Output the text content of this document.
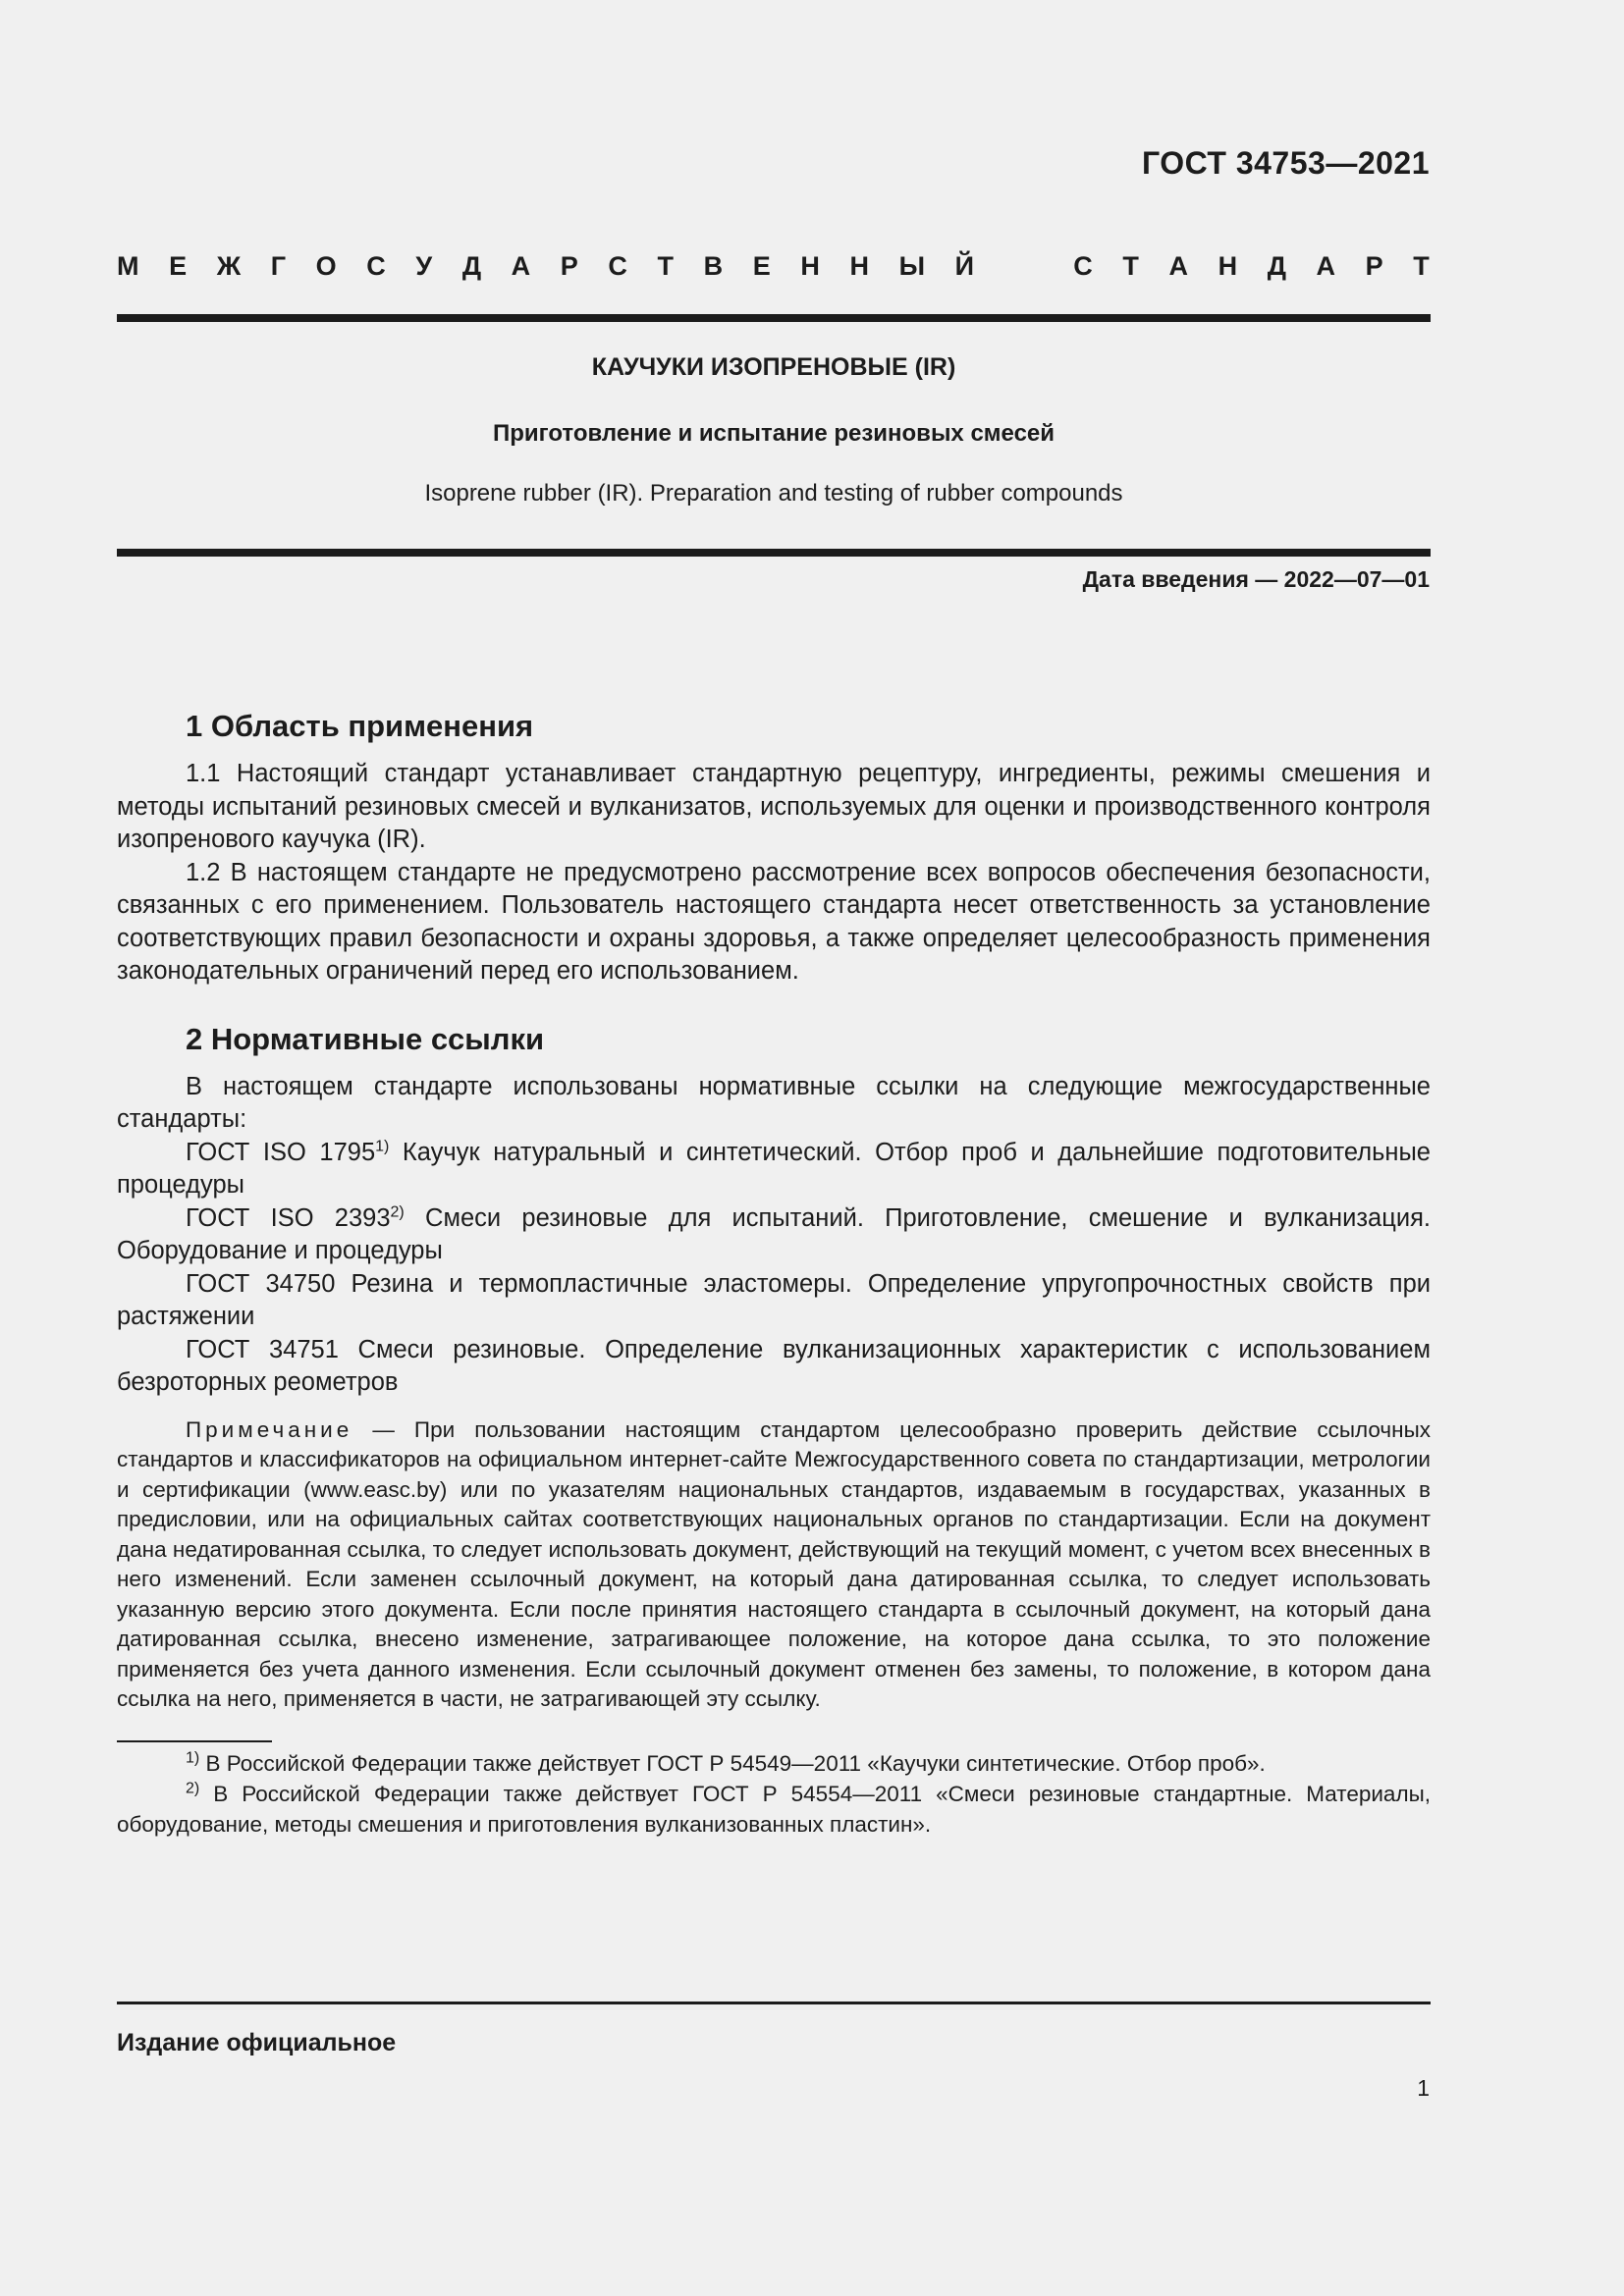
ГОСТ 34753—2021
М Е Ж Г О С У Д А Р С Т В Е Н Н Ы Й	С Т А Н Д А Р Т
КАУЧУКИ ИЗОПРЕНОВЫЕ (IR)
Приготовление и испытание резиновых смесей
Isoprene rubber (IR). Preparation and testing of rubber compounds
Дата введения — 2022—07—01
1 Область применения

1.1 Настоящий стандарт устанавливает стандартную рецептуру, ингредиенты, режимы смешения и методы испытаний резиновых смесей и вулканизатов, используемых для оценки и производственного контроля изопренового каучука (IR).

1.2 В настоящем стандарте не предусмотрено рассмотрение всех вопросов обеспечения безопасности, связанных с его применением. Пользователь настоящего стандарта несет ответственность за установление соответствующих правил безопасности и охраны здоровья, а также определяет целесообразность применения законодательных ограничений перед его использованием.

2 Нормативные ссылки

В настоящем стандарте использованы нормативные ссылки на следующие межгосударственные стандарты:

ГОСТ ISO 1795$^{1)}$ Каучук натуральный и синтетический. Отбор проб и дальнейшие подготовительные процедуры

ГОСТ ISO 2393$^{2)}$ Смеси резиновые для испытаний. Приготовление, смешение и вулканизация. Оборудование и процедуры

ГОСТ 34750 Резина и термопластичные эластомеры. Определение упругопрочностных свойств при растяжении

ГОСТ 34751 Смеси резиновые. Определение вулканизационных характеристик с использованием безроторных реометров

Примечание — При пользовании настоящим стандартом целесообразно проверить действие ссылочных стандартов и классификаторов на официальном интернет-сайте Межгосударственного совета по стандартизации, метрологии и сертификации (www.easc.by) или по указателям национальных стандартов, издаваемым в государствах, указанных в предисловии, или на официальных сайтах соответствующих национальных органов по стандартизации. Если на документ дана недатированная ссылка, то следует использовать документ, действующий на текущий момент, с учетом всех внесенных в него изменений. Если заменен ссылочный документ, на который дана датированная ссылка, то следует использовать указанную версию этого документа. Если после принятия настоящего стандарта в ссылочный документ, на который дана датированная ссылка, внесено изменение, затрагивающее положение, на которое дана ссылка, то это положение применяется без учета данного изменения. Если ссылочный документ отменен без замены, то положение, в котором дана ссылка на него, применяется в части, не затрагивающей эту ссылку.

$^{1)}$ В Российской Федерации также действует ГОСТ Р 54549—2011 «Каучуки синтетические. Отбор проб».

$^{2)}$ В Российской Федерации также действует ГОСТ Р 54554—2011 «Смеси резиновые стандартные. Материалы, оборудование, методы смешения и приготовления вулканизованных пластин».

Издание официальное
1
